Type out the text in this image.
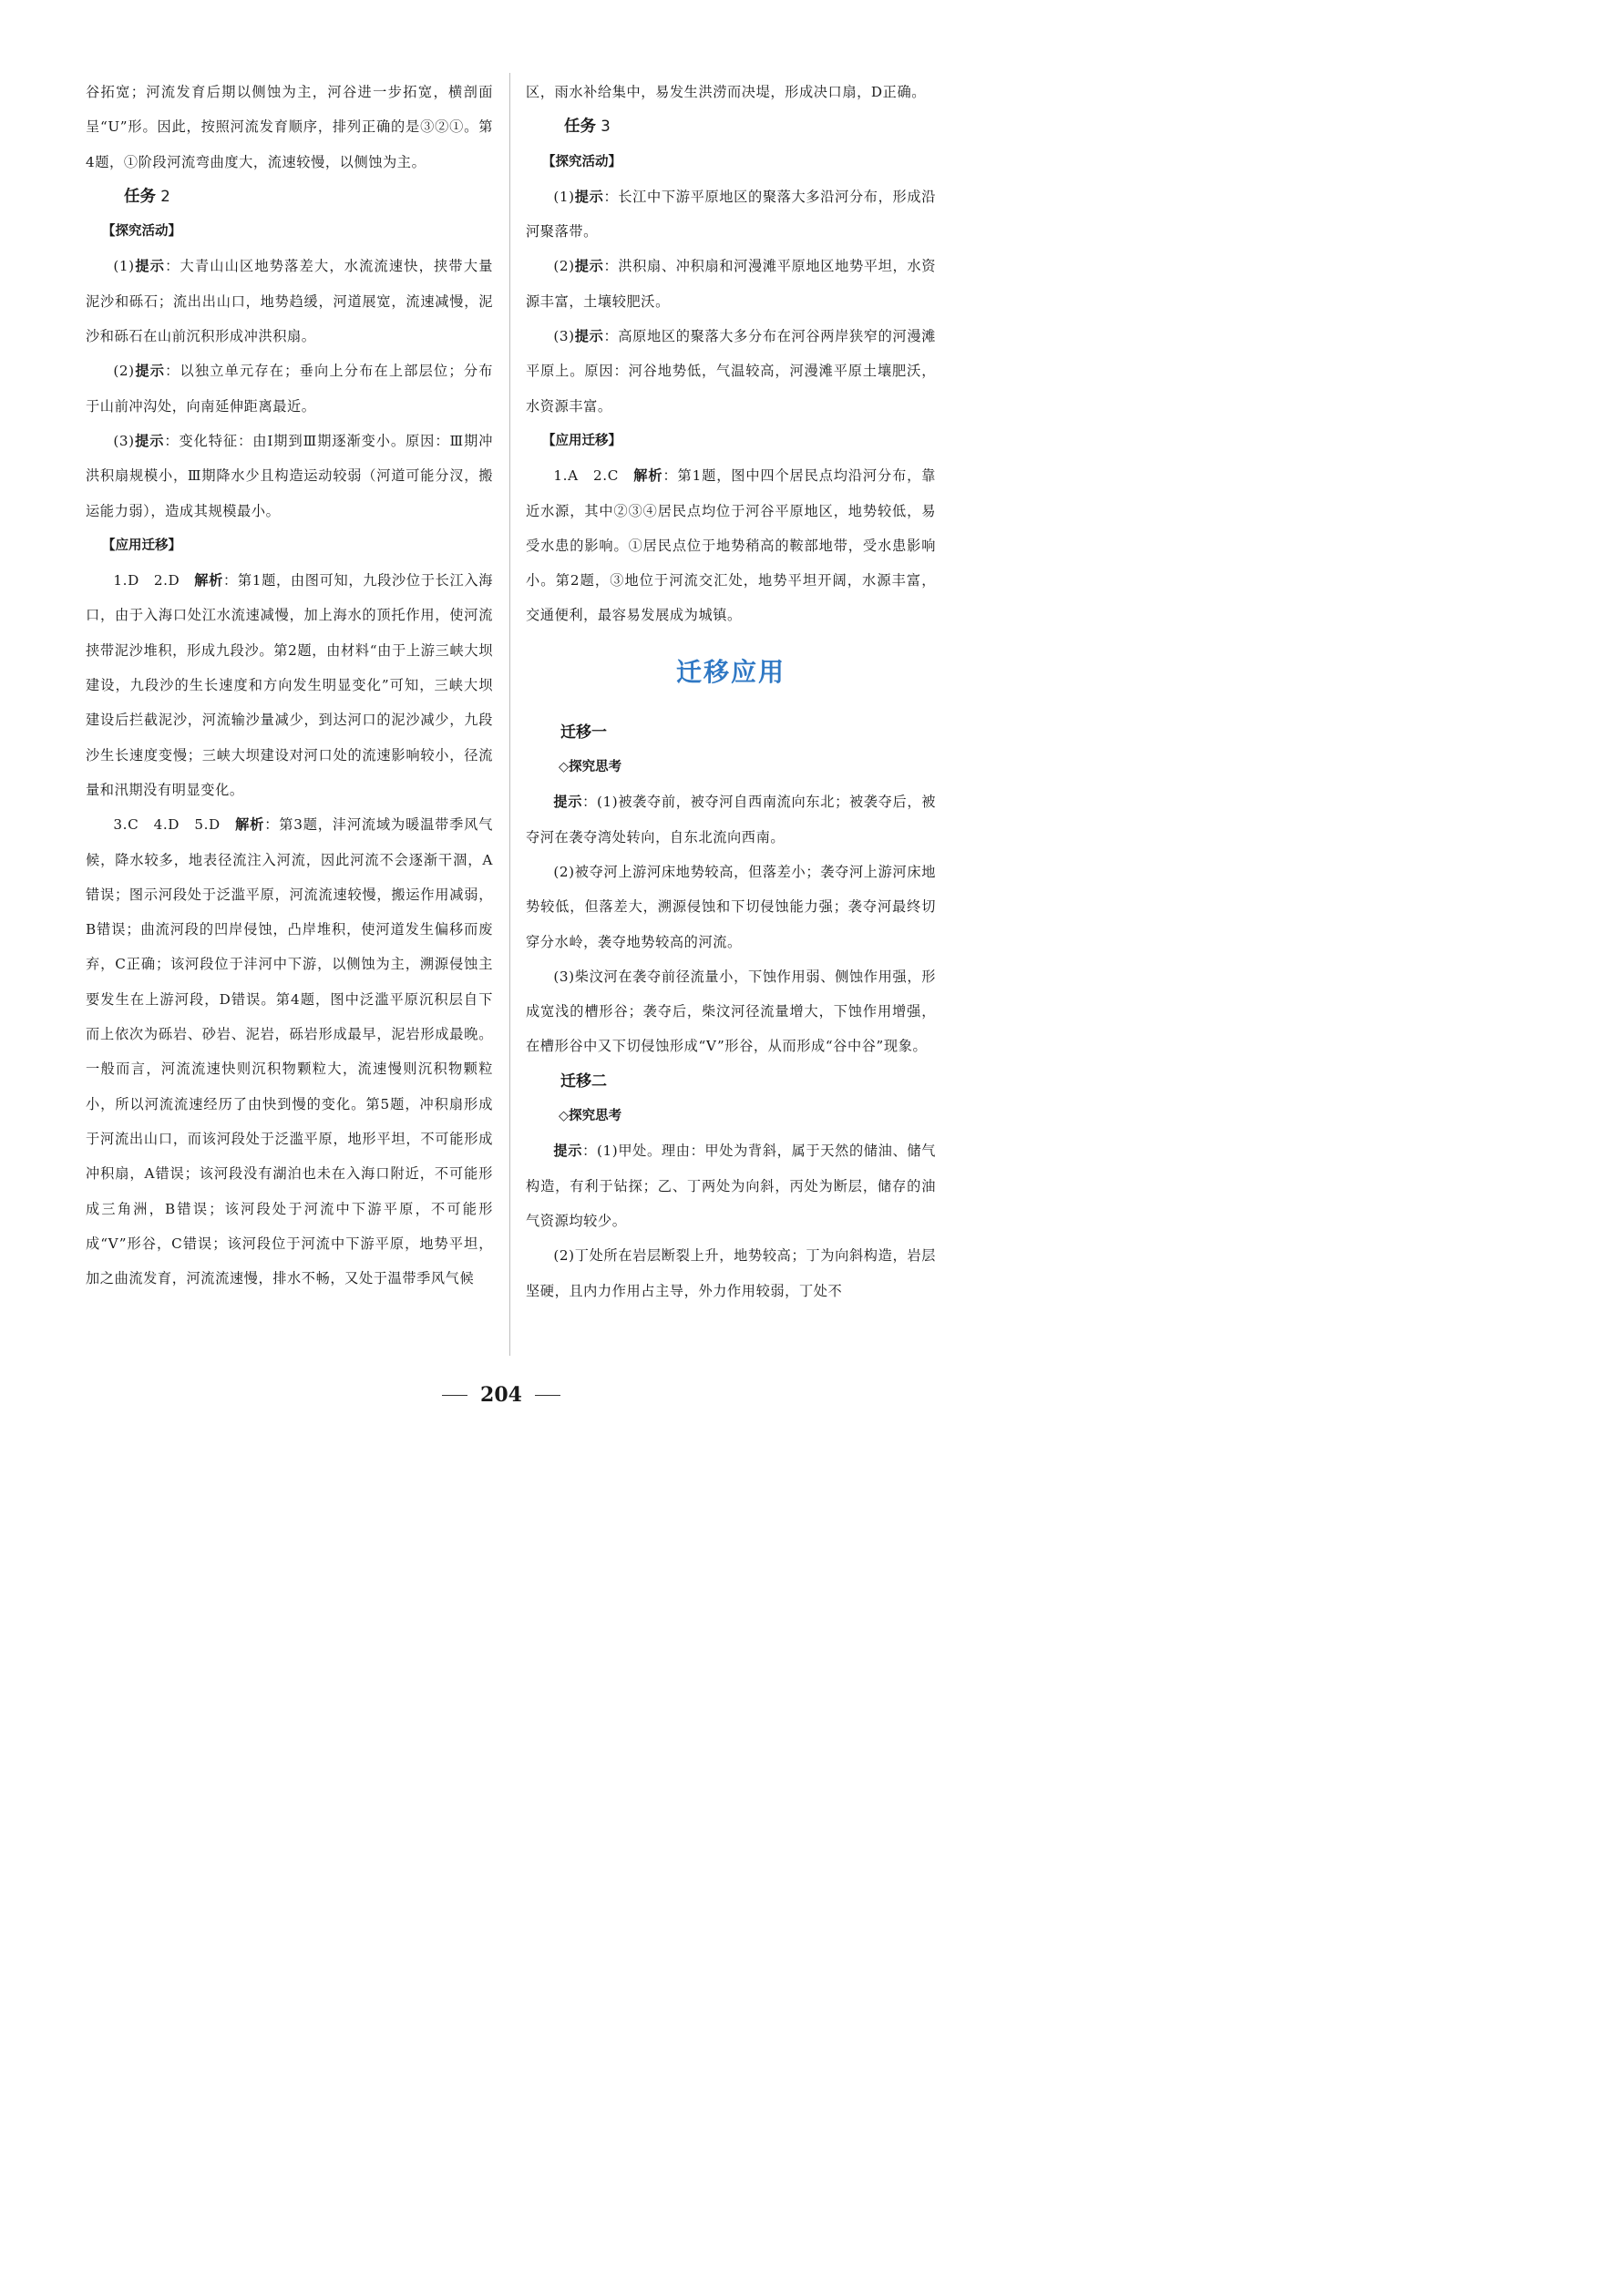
谷拓宽；河流发育后期以侧蚀为主，河谷进一步拓宽，横剖面呈“U”形。因此，按照河流发育顺序，排列正确的是③②①。第4题，①阶段河流弯曲度大，流速较慢，以侧蚀为主。

任务 2
【探究活动】

(1)提示：大青山山区地势落差大，水流流速快，挟带大量泥沙和砾石；流出出山口，地势趋缓，河道展宽，流速减慢，泥沙和砾石在山前沉积形成冲洪积扇。

(2)提示：以独立单元存在；垂向上分布在上部层位；分布于山前冲沟处，向南延伸距离最近。

(3)提示：变化特征：由Ⅰ期到Ⅲ期逐渐变小。原因：Ⅲ期冲洪积扇规模小，Ⅲ期降水少且构造运动较弱（河道可能分汊，搬运能力弱），造成其规模最小。

【应用迁移】

1.D　2.D　解析：第1题，由图可知，九段沙位于长江入海口，由于入海口处江水流速减慢，加上海水的顶托作用，使河流挟带泥沙堆积，形成九段沙。第2题，由材料“由于上游三峡大坝建设，九段沙的生长速度和方向发生明显变化”可知，三峡大坝建设后拦截泥沙，河流输沙量减少，到达河口的泥沙减少，九段沙生长速度变慢；三峡大坝建设对河口处的流速影响较小，径流量和汛期没有明显变化。

3.C　4.D　5.D　解析：第3题，沣河流域为暖温带季风气候，降水较多，地表径流注入河流，因此河流不会逐渐干涸，A错误；图示河段处于泛滥平原，河流流速较慢，搬运作用减弱，B错误；曲流河段的凹岸侵蚀，凸岸堆积，使河道发生偏移而废弃，C正确；该河段位于沣河中下游，以侧蚀为主，溯源侵蚀主要发生在上游河段，D错误。第4题，图中泛滥平原沉积层自下而上依次为砾岩、砂岩、泥岩，砾岩形成最早，泥岩形成最晚。一般而言，河流流速快则沉积物颗粒大，流速慢则沉积物颗粒小，所以河流流速经历了由快到慢的变化。第5题，冲积扇形成于河流出山口，而该河段处于泛滥平原，地形平坦，不可能形成冲积扇，A错误；该河段没有湖泊也未在入海口附近，不可能形成三角洲，B错误；该河段处于河流中下游平原，不可能形成“V”形谷，C错误；该河段位于河流中下游平原，地势平坦，加之曲流发育，河流流速慢，排水不畅，又处于温带季风气候

区，雨水补给集中，易发生洪涝而决堤，形成决口扇，D正确。

任务 3
【探究活动】

(1)提示：长江中下游平原地区的聚落大多沿河分布，形成沿河聚落带。

(2)提示：洪积扇、冲积扇和河漫滩平原地区地势平坦，水资源丰富，土壤较肥沃。

(3)提示：高原地区的聚落大多分布在河谷两岸狭窄的河漫滩平原上。原因：河谷地势低，气温较高，河漫滩平原土壤肥沃，水资源丰富。

【应用迁移】

1.A　2.C　解析：第1题，图中四个居民点均沿河分布，靠近水源，其中②③④居民点均位于河谷平原地区，地势较低，易受水患的影响。①居民点位于地势稍高的鞍部地带，受水患影响小。第2题，③地位于河流交汇处，地势平坦开阔，水源丰富，交通便利，最容易发展成为城镇。

迁移应用
迁移一
◇探究思考

提示：(1)被袭夺前，被夺河自西南流向东北；被袭夺后，被夺河在袭夺湾处转向，自东北流向西南。

(2)被夺河上游河床地势较高，但落差小；袭夺河上游河床地势较低，但落差大，溯源侵蚀和下切侵蚀能力强；袭夺河最终切穿分水岭，袭夺地势较高的河流。

(3)柴汶河在袭夺前径流量小，下蚀作用弱、侧蚀作用强，形成宽浅的槽形谷；袭夺后，柴汶河径流量增大，下蚀作用增强，在槽形谷中又下切侵蚀形成“V”形谷，从而形成“谷中谷”现象。

迁移二
◇探究思考

提示：(1)甲处。理由：甲处为背斜，属于天然的储油、储气构造，有利于钻探；乙、丁两处为向斜，丙处为断层，储存的油气资源均较少。

(2)丁处所在岩层断裂上升，地势较高；丁为向斜构造，岩层坚硬，且内力作用占主导，外力作用较弱，丁处不

204
